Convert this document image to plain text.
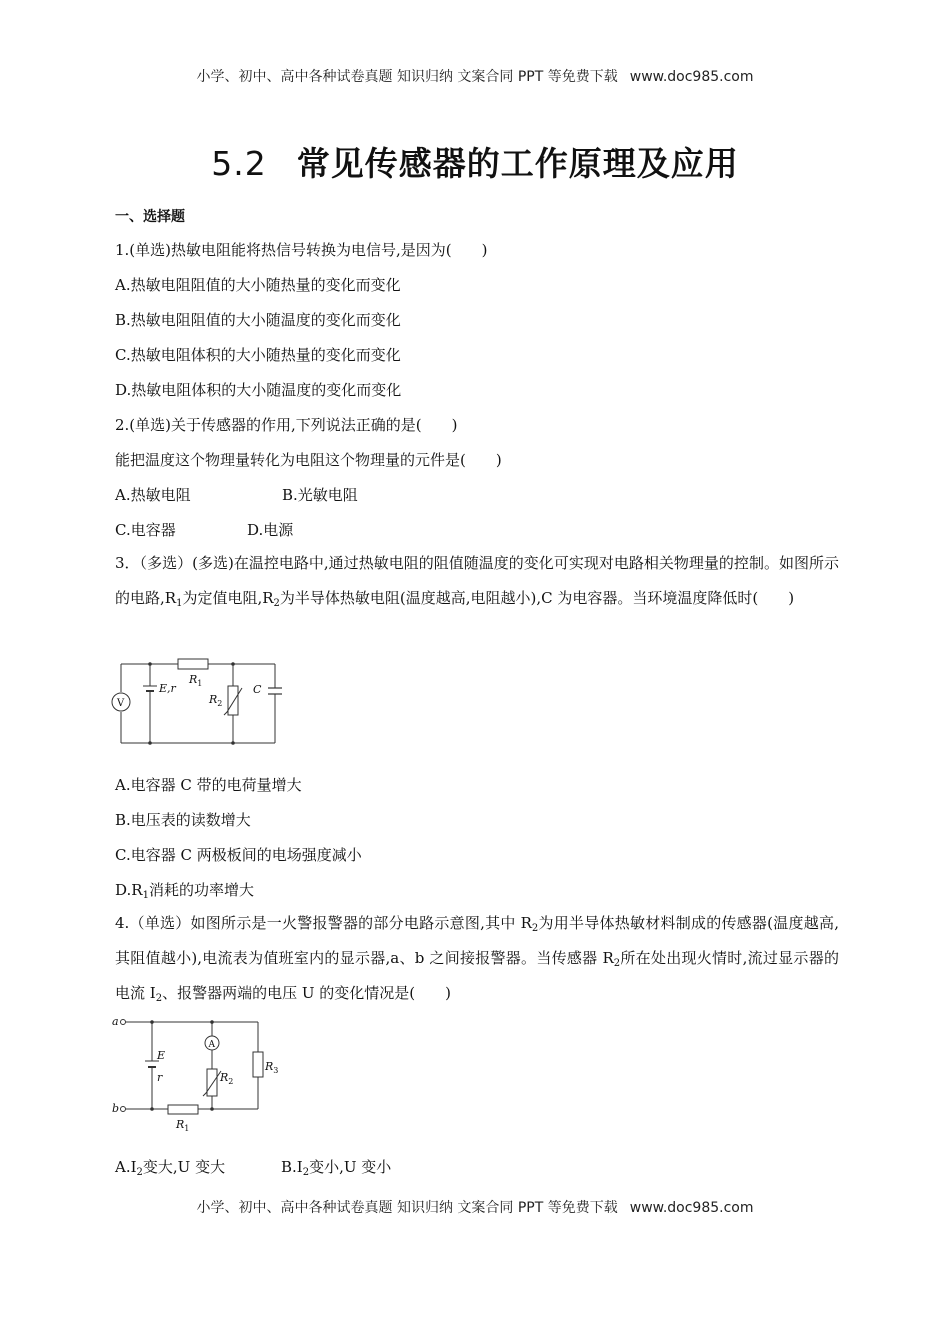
小学、初中、高中各种试卷真题 知识归纳 文案合同 PPT 等免费下载 www.doc985.com
5.2 常见传感器的工作原理及应用
一、选择题
1.(单选)热敏电阻能将热信号转换为电信号,是因为(　　)
A.热敏电阻阻值的大小随热量的变化而变化
B.热敏电阻阻值的大小随温度的变化而变化
C.热敏电阻体积的大小随热量的变化而变化
D.热敏电阻体积的大小随温度的变化而变化
2.(单选)关于传感器的作用,下列说法正确的是(　　)
能把温度这个物理量转化为电阻这个物理量的元件是(　　)
A.热敏电阻	B.光敏电阻
C.电容器	D.电源
3．（多选）(多选)在温控电路中,通过热敏电阻的阻值随温度的变化可实现对电路相关物理量的控制。如图所示的电路$,R_1$为定值电阻$,R_2$为半导体热敏电阻(温度越高,电阻越小),C 为电容器。当环境温度降低时(　　)
V
E,r
$R_1$
$R_2$
C
A.电容器 C 带的电荷量增大
B.电压表的读数增大
C.电容器 C 两极板间的电场强度减小
$D.R_1$消耗的功率增大
4.（单选）如图所示是一火警报警器的部分电路示意图,其中 $R_2$为用半导体热敏材料制成的传感器(温度越高,其阻值越小),电流表为值班室内的显示器,a、b 之间接报警器。当传感器 $R_2$所在处出现火情时,流过显示器的电流 $I_2$、报警器两端的电压 U 的变化情况是(　　)
a
b
E
r
A
$R_2$
$R_3$
$R_1$
$A.I_2$变大,U 变大	$B.I_2$变小,U 变小
小学、初中、高中各种试卷真题 知识归纳 文案合同 PPT 等免费下载 www.doc985.com
